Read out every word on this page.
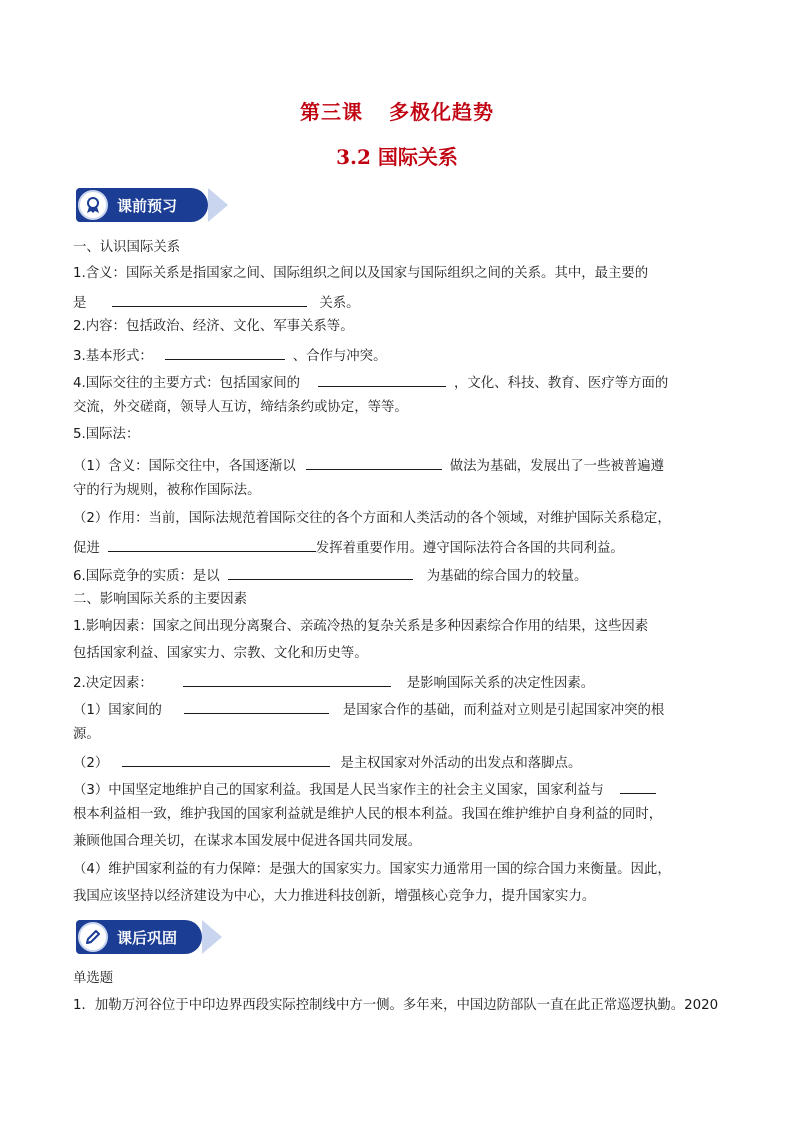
第三课 多极化趋势
3.2 国际关系
课前预习
一、认识国际关系
1.含义：国际关系是指国家之间、国际组织之间以及国家与国际组织之间的关系。其中，最主要的
是	关系。
2.内容：包括政治、经济、文化、军事关系等。
3.基本形式：	、合作与冲突。
4.国际交往的主要方式：包括国家间的	，文化、科技、教育、医疗等方面的
交流，外交磋商，领导人互访，缔结条约或协定，等等。
5.国际法：
（1）含义：国际交往中，各国逐渐以	做法为基础，发展出了一些被普遍遵
守的行为规则，被称作国际法。
（2）作用：当前，国际法规范着国际交往的各个方面和人类活动的各个领域，对维护国际关系稳定，
促进	发挥着重要作用。遵守国际法符合各国的共同利益。
6.国际竞争的实质：是以	为基础的综合国力的较量。
二、影响国际关系的主要因素
1.影响因素：国家之间出现分离聚合、亲疏冷热的复杂关系是多种因素综合作用的结果，这些因素
包括国家利益、国家实力、宗教、文化和历史等。
2.决定因素：	是影响国际关系的决定性因素。
（1）国家间的	是国家合作的基础，而利益对立则是引起国家冲突的根
源。
（2）	是主权国家对外活动的出发点和落脚点。
（3）中国坚定地维护自己的国家利益。我国是人民当家作主的社会主义国家，国家利益与
根本利益相一致，维护我国的国家利益就是维护人民的根本利益。我国在维护维护自身利益的同时，
兼顾他国合理关切，在谋求本国发展中促进各国共同发展。
（4）维护国家利益的有力保障：是强大的国家实力。国家实力通常用一国的综合国力来衡量。因此，
我国应该坚持以经济建设为中心，大力推进科技创新，增强核心竞争力，提升国家实力。
课后巩固
单选题
1．加勒万河谷位于中印边界西段实际控制线中方一侧。多年来，中国边防部队一直在此正常巡逻执勤。2020
